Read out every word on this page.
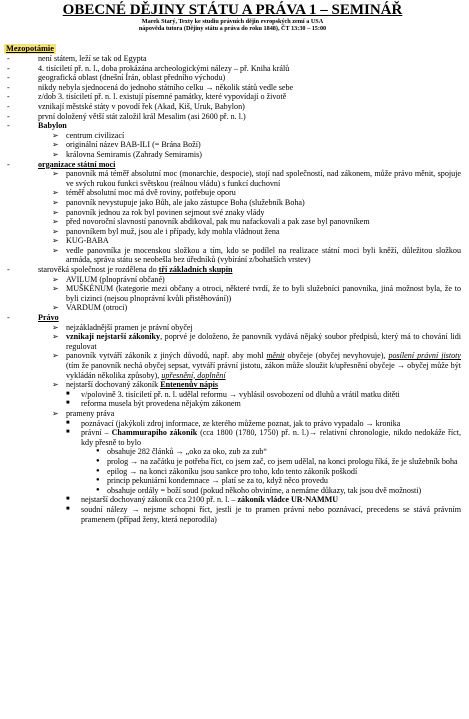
OBECNÉ DĚJINY STÁTU A PRÁVA 1 – SEMINÁŘ
Marek Starý, Texty ke studiu právních dějin evropských zemí a USA
nápověda tutora (Dějiny státu a práva do roku 1848), ČT 13:30 – 15:00
Mezopotámie
-	není státem, leží se tak od Egypta
-	4. tisíciletí př. n. l., doba prokázána archeologickými nálezy – př. Kniha králů
-	geografická oblast (dnešní Írán, oblast předního východu)
-	nikdy nebyla sjednocená do jednoho státního celku → několik států vedle sebe
-	z/dob 3. tisíciletí př. n. l. existují písemné památky, které vypovídají o životě
-	vznikají městské státy v povodí řek (Akad, Kiš, Uruk, Babylon)
-	první doložený větší stát založil král Mesalim (asi 2600 př. n. l.)
-	Babylon
➢ centrum civilizací
➢ originální název BAB-ILI (= Brána Boží)
➢ královna Semiramis (Zahrady Semiramis)
-	organizace státní moci
➢ panovník má téměř absolutní moc (monarchie, despocie), stojí nad společností, nad zákonem, může právo měnit, spojuje ve svých rukou funkci světskou (reálnou vládu) s funkcí duchovní
➢ téměř absolutní moc má dvě roviny, potřebuje oporu
➢ panovník nevystupuje jako Bůh, ale jako zástupce Boha (služebník Boha)
➢ panovník jednou za rok byl povinen sejmout své znaky vlády
➢ před novoroční slavností panovník abdikoval, pak mu nafackovali a pak zase byl panovníkem
➢ panovníkem byl muž, jsou ale i případy, kdy mohla vládnout žena
➢ KUG-BABA
➢ vedle panovníka je mocenskou složkou a tím, kdo se podílel na realizace státní moci byli kněží, důležitou složkou armáda, správa státu se neobešla bez úředníků (vybírání z/bohatších vrstev)
-	starověká společnost je rozdělena do tří základních skupin
➢ AVILUM (plnoprávní občané)
➢ MUŠKÉNUM (kategorie mezi občany a otroci, některé tvrdí, že to byli služebníci panovníka, jiná možnost byla, že to byli cizinci (nejsou plnoprávní kvůli přistěhování))
➢ VARDUM (otroci)
-	Právo
➢ nejzákladnější pramen je právní obyčej
➢ vznikají nejstarší zákoníky, poprvé je doloženo, že panovník vydává nějaký soubor předpisů, který má to chování lidi regulovat
➢ panovník vytváří zákoník z jiných důvodů, např. aby mohl měnit obyčeje (obyčej nevyhovuje), posílení právní jistoty (tím že panovník nechá obyčej sepsat, vytváří právní jistotu, zákon může sloužit k/upřesnění obyčeje → obyčej může být vykládán několika způsoby), upřesnění, doplnění
➢ nejstarší dochovaný zákoník Entenenův nápis
■ v/polovině 3. tisíciletí př. n. l. udělal reformu → vyhlásil osvobození od dluhů a vrátil matku dítěti
■ reforma musela být provedena nějakým zákonem
➢ prameny práva
■ poznávací (jakýkoli zdroj informace, ze kterého můžeme poznat, jak to právo vypadalo → kronika
■ právní – Chammurapiho zákoník (cca 1800 (1780, 1750) př. n. l.)→ relativní chronologie, nikdo nedokáže říct, kdy přesně to bylo
● obsahuje 282 článků → „oko za oko, zub za zub“
● prolog → na začátku je potřeba říct, co jsem zač, co jsem udělal, na konci prologu říká, že je služebník boha
● epilog → na konci zákoníku jsou sankce pro toho, kdo tento zákoník poškodí
● princip pekuniární kondemnace → platí se za to, když něco provedu
● obsahuje ordály = boží soud (pokud někoho obviníme, a nemáme důkazy, tak jsou dvě možnosti)
■ nejstarší dochovaný zákoník cca 2100 př. n. l. – zákoník vládce UR-NAMMU
■ soudní nálezy → nejsme schopni říct, jestli je to pramen právní nebo poznávací, precedens se stává právním pramenem (případ ženy, která neporodila)
